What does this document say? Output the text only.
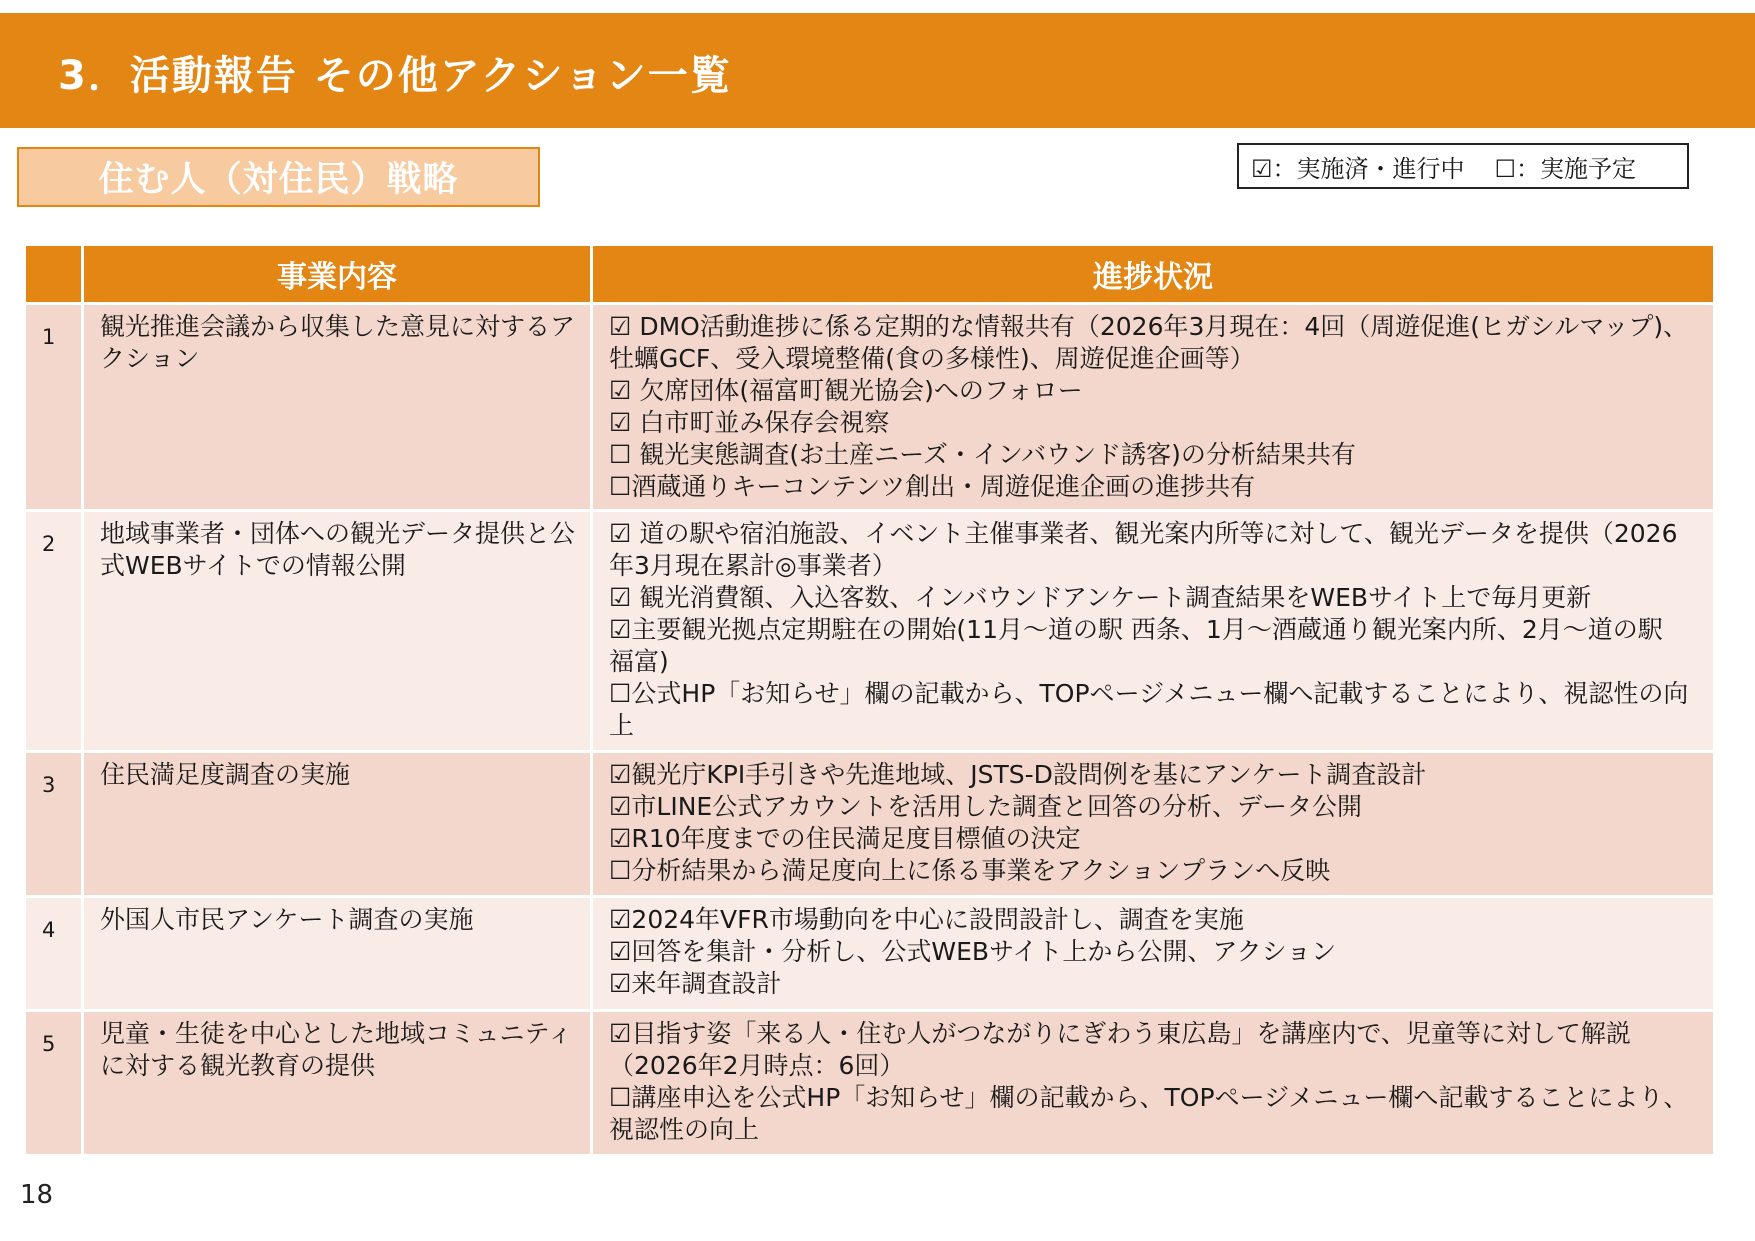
3．活動報告 その他アクション一覧
住む人（対住民）戦略	☑：実施済・進行中 ☐：実施予定
	事業内容	進捗状況
1	観光推進会議から収集した意見に対するアクション	☑ DMO活動進捗に係る定期的な情報共有（2026年3月現在：4回（周遊促進(ヒガシルマップ)、牡蠣GCF、受入環境整備(食の多様性)、周遊促進企画等）
☑ 欠席団体(福富町観光協会)へのフォロー
☑ 白市町並み保存会視察
☐ 観光実態調査(お土産ニーズ・インバウンド誘客)の分析結果共有
☐酒蔵通りキーコンテンツ創出・周遊促進企画の進捗共有

2	地域事業者・団体への観光データ提供と公式WEBサイトでの情報公開	☑ 道の駅や宿泊施設、イベント主催事業者、観光案内所等に対して、観光データを提供（2026年3月現在累計◎事業者）
☑ 観光消費額、入込客数、インバウンドアンケート調査結果をWEBサイト上で毎月更新
☑主要観光拠点定期駐在の開始(11月～道の駅 西条、1月～酒蔵通り観光案内所、2月～道の駅 福富)
☐公式HP「お知らせ」欄の記載から、TOPページメニュー欄へ記載することにより、視認性の向上

3	住民満足度調査の実施	☑観光庁KPI手引きや先進地域、JSTS-D設問例を基にアンケート調査設計
☑市LINE公式アカウントを活用した調査と回答の分析、データ公開
☑R10年度までの住民満足度目標値の決定
☐分析結果から満足度向上に係る事業をアクションプランへ反映

4	外国人市民アンケート調査の実施	☑2024年VFR市場動向を中心に設問設計し、調査を実施
☑回答を集計・分析し、公式WEBサイト上から公開、アクション
☑来年調査設計

5	児童・生徒を中心とした地域コミュニティに対する観光教育の提供	☑目指す姿「来る人・住む人がつながりにぎわう東広島」を講座内で、児童等に対して解説（2026年2月時点：6回）
☐講座申込を公式HP「お知らせ」欄の記載から、TOPページメニュー欄へ記載することにより、視認性の向上
18
